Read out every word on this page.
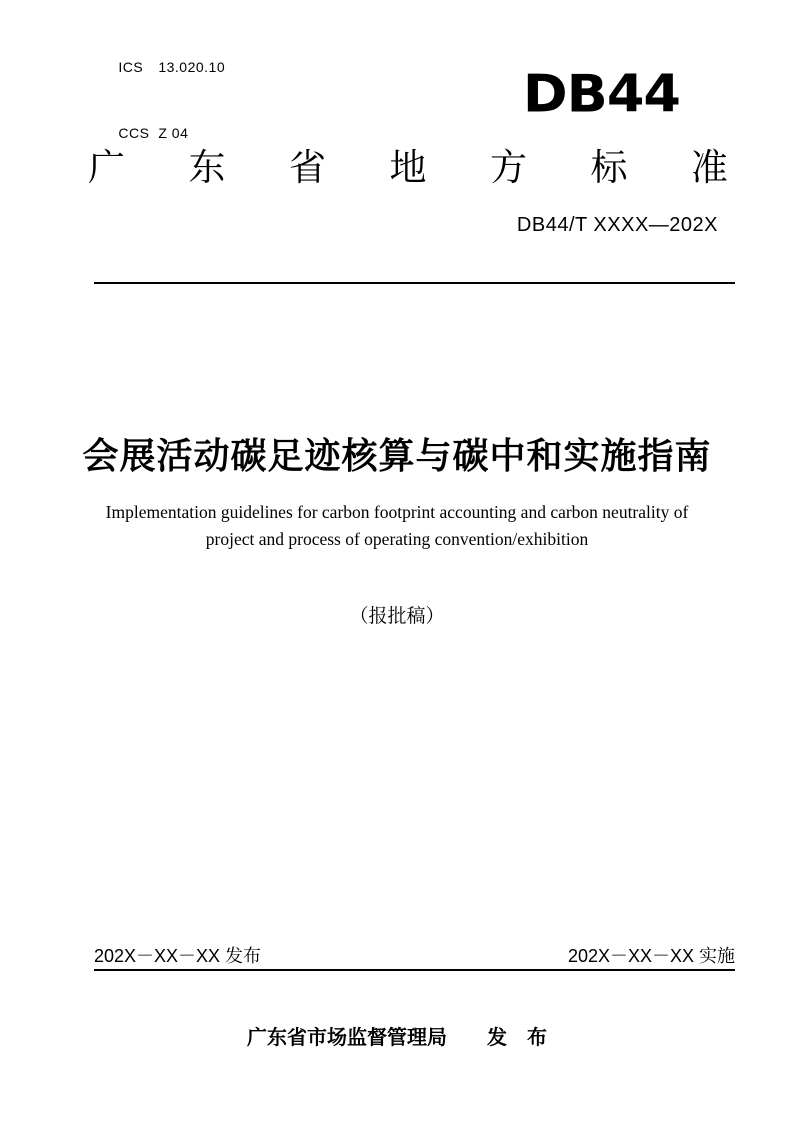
ICS 13.020.10

CCS Z 04

DB44
广 东 省 地 方 标 准
DB44/T XXXX—202X
会展活动碳足迹核算与碳中和实施指南
Implementation guidelines for carbon footprint accounting and carbon neutrality of
project and process of operating convention/exhibition
（报批稿）
202X－XX－XX 发布	202X－XX－XX 实施
广东省市场监督管理局　　发　布
